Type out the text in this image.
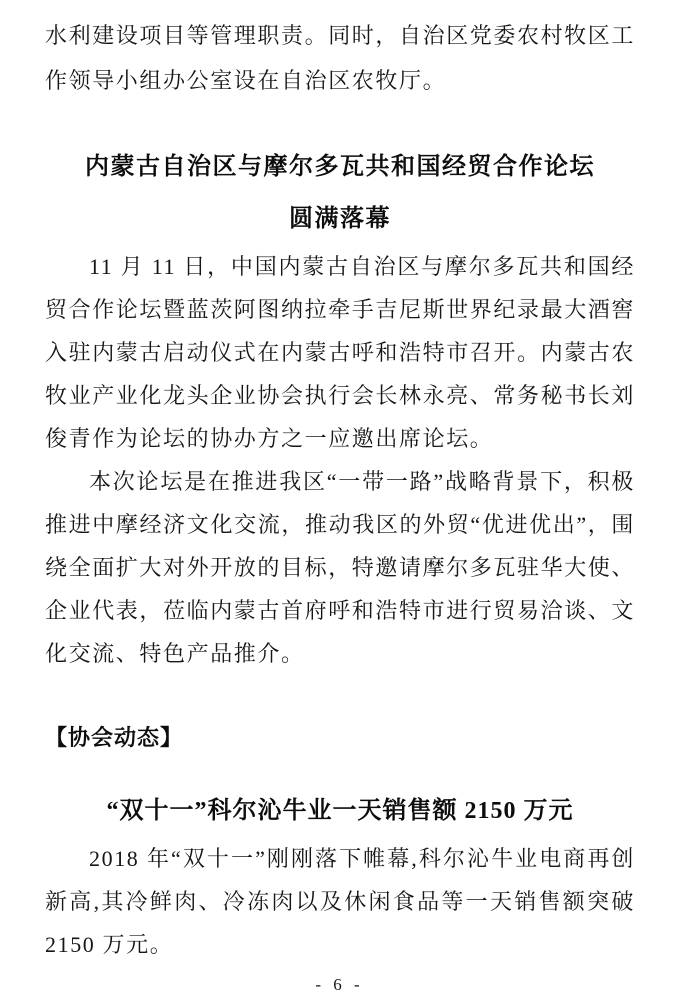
水利建设项目等管理职责。同时，自治区党委农村牧区工作领导小组办公室设在自治区农牧厅。

内蒙古自治区与摩尔多瓦共和国经贸合作论坛
圆满落幕

11 月 11 日，中国内蒙古自治区与摩尔多瓦共和国经贸合作论坛暨蓝茨阿图纳拉牵手吉尼斯世界纪录最大酒窖入驻内蒙古启动仪式在内蒙古呼和浩特市召开。内蒙古农牧业产业化龙头企业协会执行会长林永亮、常务秘书长刘俊青作为论坛的协办方之一应邀出席论坛。

本次论坛是在推进我区“一带一路”战略背景下，积极推进中摩经济文化交流，推动我区的外贸“优进优出”，围绕全面扩大对外开放的目标，特邀请摩尔多瓦驻华大使、企业代表，莅临内蒙古首府呼和浩特市进行贸易洽谈、文化交流、特色产品推介。

【协会动态】
“双十一”科尔沁牛业一天销售额 2150 万元

2018 年“双十一”刚刚落下帷幕,科尔沁牛业电商再创新高,其冷鲜肉、冷冻肉以及休闲食品等一天销售额突破 2150 万元。

- 6 -
